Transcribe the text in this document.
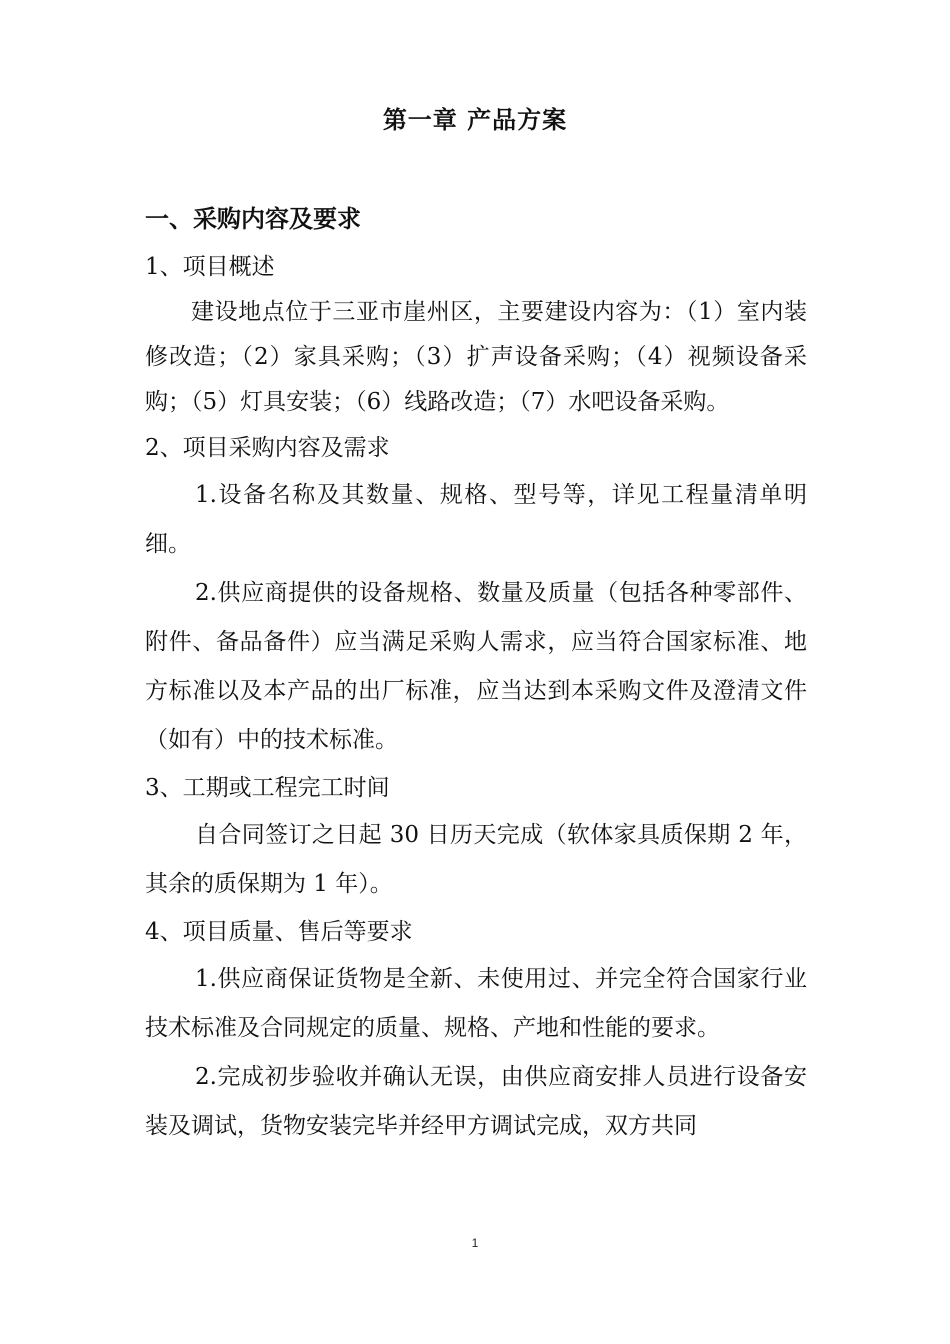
第一章 产品方案
一、采购内容及要求

1、项目概述

建设地点位于三亚市崖州区，主要建设内容为：（1）室内装修改造；（2）家具采购；（3）扩声设备采购；（4）视频设备采购；（5）灯具安装；（6）线路改造；（7）水吧设备采购。

2、项目采购内容及需求

1.设备名称及其数量、规格、型号等，详见工程量清单明细。

2.供应商提供的设备规格、数量及质量（包括各种零部件、附件、备品备件）应当满足采购人需求，应当符合国家标准、地方标准以及本产品的出厂标准，应当达到本采购文件及澄清文件（如有）中的技术标准。

3、工期或工程完工时间

自合同签订之日起 30 日历天完成（软体家具质保期 2 年，其余的质保期为 1 年）。

4、项目质量、售后等要求

1.供应商保证货物是全新、未使用过、并完全符合国家行业技术标准及合同规定的质量、规格、产地和性能的要求。

2.完成初步验收并确认无误，由供应商安排人员进行设备安装及调试，货物安装完毕并经甲方调试完成，双方共同

1
